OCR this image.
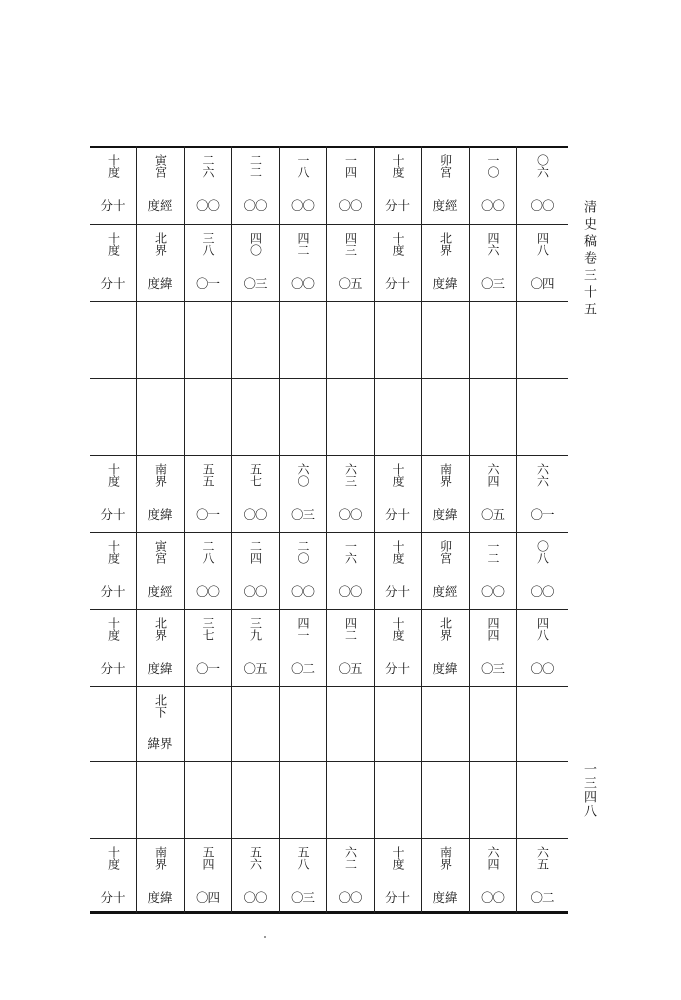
十度
分十
寅宮
度經
二六
〇〇
二二
〇〇
一八
〇〇
一四
〇〇
十度
分十
卯宮
度經
一〇
〇〇
〇六
〇〇
十度
分十
北界
度緯
三八
〇一
四〇
〇三
四二
〇〇
四三
〇五
十度
分十
北界
度緯
四六
〇三
四八
〇四
十度
分十
南界
度緯
五五
〇一
五七
〇〇
六〇
〇三
六三
〇〇
十度
分十
南界
度緯
六四
〇五
六六
〇一
十度
分十
寅宮
度經
二八
〇〇
二四
〇〇
二〇
〇〇
一六
〇〇
十度
分十
卯宮
度經
一二
〇〇
〇八
〇〇
十度
分十
北界
度緯
三七
〇一
三九
〇五
四一
〇二
四二
〇五
十度
分十
北界
度緯
四四
〇三
四八
〇〇
北下
緯界
十度
分十
南界
度緯
五四
〇四
五六
〇〇
五八
〇三
六二
〇〇
十度
分十
南界
度緯
六四
〇〇
六五
〇二
清史稿卷三十五
一三四八
